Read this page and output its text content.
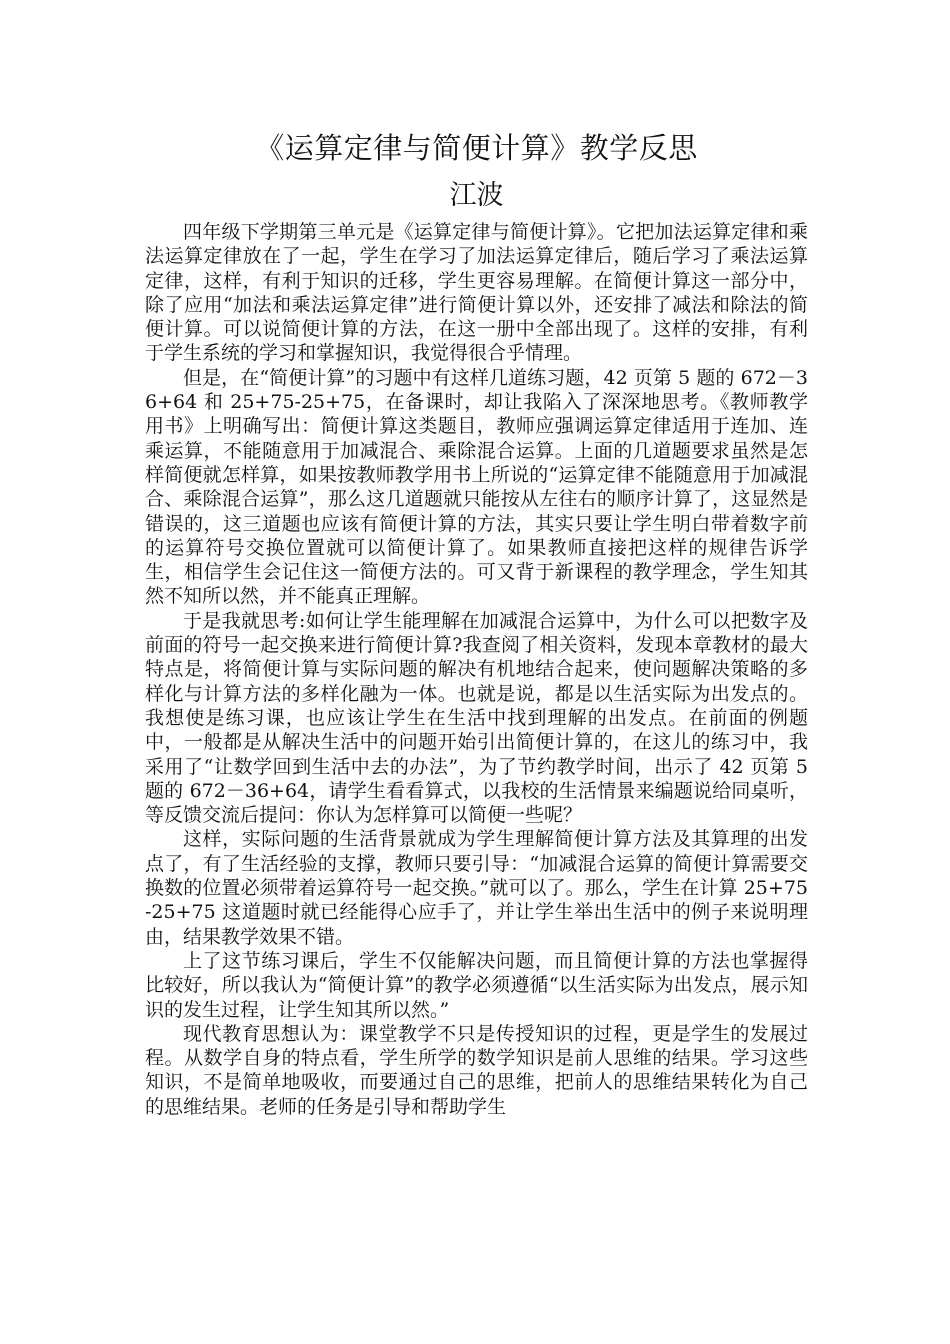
《运算定律与简便计算》教学反思
江波

四年级下学期第三单元是《运算定律与简便计算》。它把加法运算定律和乘法运算定律放在了一起，学生在学习了加法运算定律后，随后学习了乘法运算定律，这样，有利于知识的迁移，学生更容易理解。在简便计算这一部分中，除了应用“加法和乘法运算定律”进行简便计算以外，还安排了减法和除法的简便计算。可以说简便计算的方法，在这一册中全部出现了。这样的安排，有利于学生系统的学习和掌握知识，我觉得很合乎情理。

但是，在“简便计算”的习题中有这样几道练习题，42 页第 5 题的 672－36+64 和 25+75-25+75，在备课时，却让我陷入了深深地思考。《教师教学用书》上明确写出：简便计算这类题目，教师应强调运算定律适用于连加、连乘运算，不能随意用于加减混合、乘除混合运算。上面的几道题要求虽然是怎样简便就怎样算，如果按教师教学用书上所说的“运算定律不能随意用于加减混合、乘除混合运算”，那么这几道题就只能按从左往右的顺序计算了，这显然是错误的，这三道题也应该有简便计算的方法，其实只要让学生明白带着数字前的运算符号交换位置就可以简便计算了。如果教师直接把这样的规律告诉学生，相信学生会记住这一简便方法的。可又背于新课程的教学理念，学生知其然不知所以然，并不能真正理解。

于是我就思考:如何让学生能理解在加减混合运算中，为什么可以把数字及前面的符号一起交换来进行简便计算?我查阅了相关资料，发现本章教材的最大特点是，将简便计算与实际问题的解决有机地结合起来，使问题解决策略的多样化与计算方法的多样化融为一体。也就是说，都是以生活实际为出发点的。我想使是练习课，也应该让学生在生活中找到理解的出发点。在前面的例题中，一般都是从解决生活中的问题开始引出简便计算的，在这儿的练习中，我采用了“让数学回到生活中去的办法”，为了节约教学时间，出示了 42 页第 5 题的 672－36+64，请学生看看算式，以我校的生活情景来编题说给同桌听，等反馈交流后提问：你认为怎样算可以简便一些呢？

这样，实际问题的生活背景就成为学生理解简便计算方法及其算理的出发点了，有了生活经验的支撑，教师只要引导：“加减混合运算的简便计算需要交换数的位置必须带着运算符号一起交换。”就可以了。那么，学生在计算 25+75-25+75 这道题时就已经能得心应手了，并让学生举出生活中的例子来说明理由，结果教学效果不错。

上了这节练习课后，学生不仅能解决问题，而且简便计算的方法也掌握得比较好，所以我认为“简便计算”的教学必须遵循“以生活实际为出发点，展示知识的发生过程，让学生知其所以然。”

现代教育思想认为：课堂教学不只是传授知识的过程，更是学生的发展过程。从数学自身的特点看，学生所学的数学知识是前人思维的结果。学习这些知识，不是简单地吸收，而要通过自己的思维，把前人的思维结果转化为自己的思维结果。老师的任务是引导和帮助学生
